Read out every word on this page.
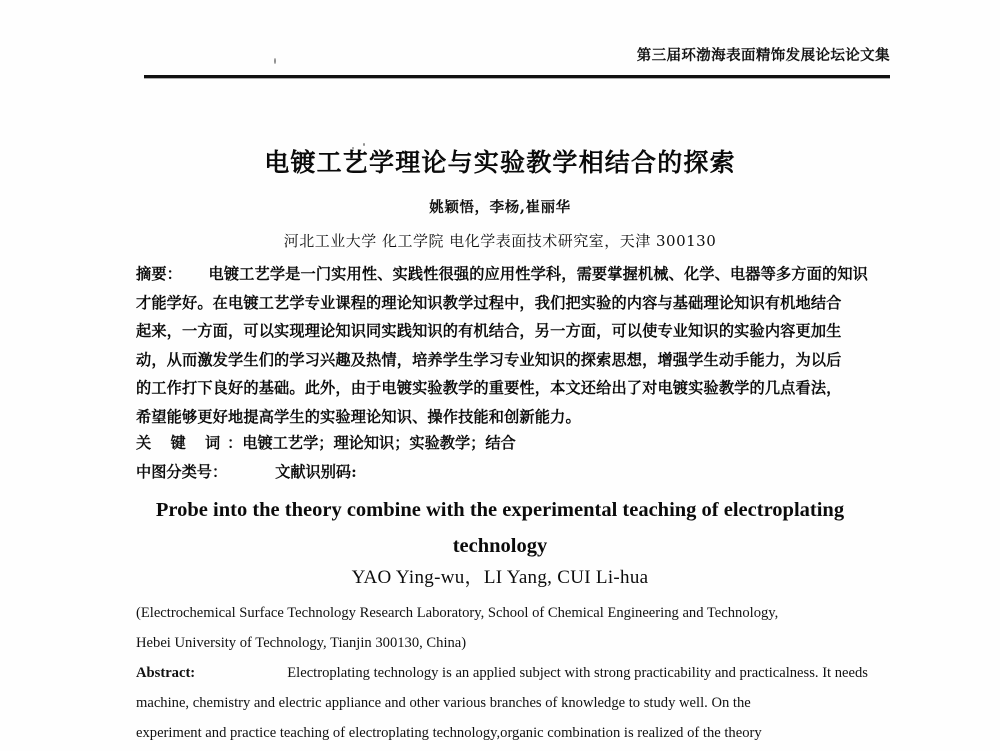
第三届环渤海表面精饰发展论坛论文集
电镀工艺学理论与实验教学相结合的探索
姚颖悟，李杨,崔丽华
河北工业大学 化工学院 电化学表面技术研究室，天津 300130
摘要： 电镀工艺学是一门实用性、实践性很强的应用性学科，需要掌握机械、化学、电器等多方面的知识
才能学好。在电镀工艺学专业课程的理论知识教学过程中，我们把实验的内容与基础理论知识有机地结合
起来，一方面，可以实现理论知识同实践知识的有机结合，另一方面，可以使专业知识的实验内容更加生
动，从而激发学生们的学习兴趣及热情，培养学生学习专业知识的探索思想，增强学生动手能力，为以后
的工作打下良好的基础。此外，由于电镀实验教学的重要性，本文还给出了对电镀实验教学的几点看法，
希望能够更好地提高学生的实验理论知识、操作技能和创新能力。
关 键 词：电镀工艺学；理论知识；实验教学；结合
中图分类号：	文献识别码:
Probe into the theory combine with the experimental teaching of electroplating
technology
YAO Ying-wu，LI Yang, CUI Li-hua
(Electrochemical Surface Technology Research Laboratory, School of Chemical Engineering and Technology,
Hebei University of Technology, Tianjin 300130, China)
Abstract:	Electroplating technology is an applied subject with strong practicability and practicalness. It needs
machine, chemistry and electric appliance and other various branches of knowledge to study well. On the
experiment and practice teaching of electroplating technology,organic combination is realized of the theory
